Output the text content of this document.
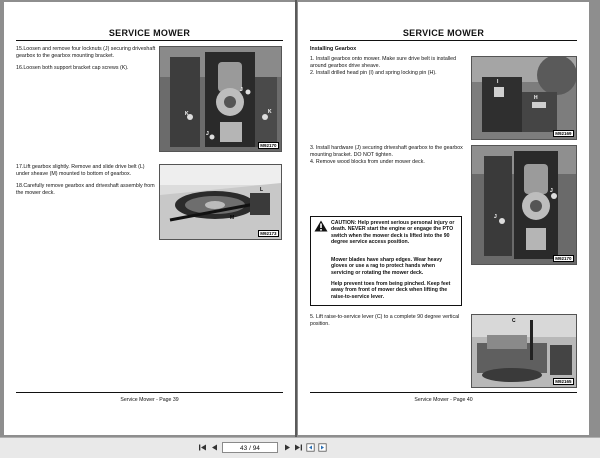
SERVICE MOWER
15.Loosen and remove four locknuts (J) securing driveshaft gearbox to the gearbox mounting bracket.
16.Loosen both support bracket cap screws (K).
J
K
J
K
M92170
17.Lift gearbox slightly. Remove and slide drive belt (L) under sheave (M) mounted to bottom of gearbox.
18.Carefully remove gearbox and driveshaft assembly from the mower deck.	L
M
M92173
Service Mower - Page 39
SERVICE MOWER
Installing Gearbox
1. Install gearbox onto mower. Make sure drive belt is installed around gearbox drive sheave.
2. Install drilled head pin (I) and spring locking pin (H).
I
H
M92169
3. Install hardware (J) securing driveshaft gearbox to the gearbox mounting bracket. DO NOT tighten.
4. Remove wood blocks from under mower deck.
J
J
M92170
CAUTION: Help prevent serious personal injury or death. NEVER start the engine or engage the PTO switch when the mower deck is lifted into the 90 degree service access position.
Mower blades have sharp edges. Wear heavy gloves or use a rag to protect hands when servicing or rotating the mower deck.
Help prevent toes from being pinched. Keep feet away from front of mower deck when lifting the raise-to-service lever.
5. Lift raise-to-service lever (C) to a complete 90 degree vertical position.	C
M92165
Service Mower - Page 40
43 / 94
